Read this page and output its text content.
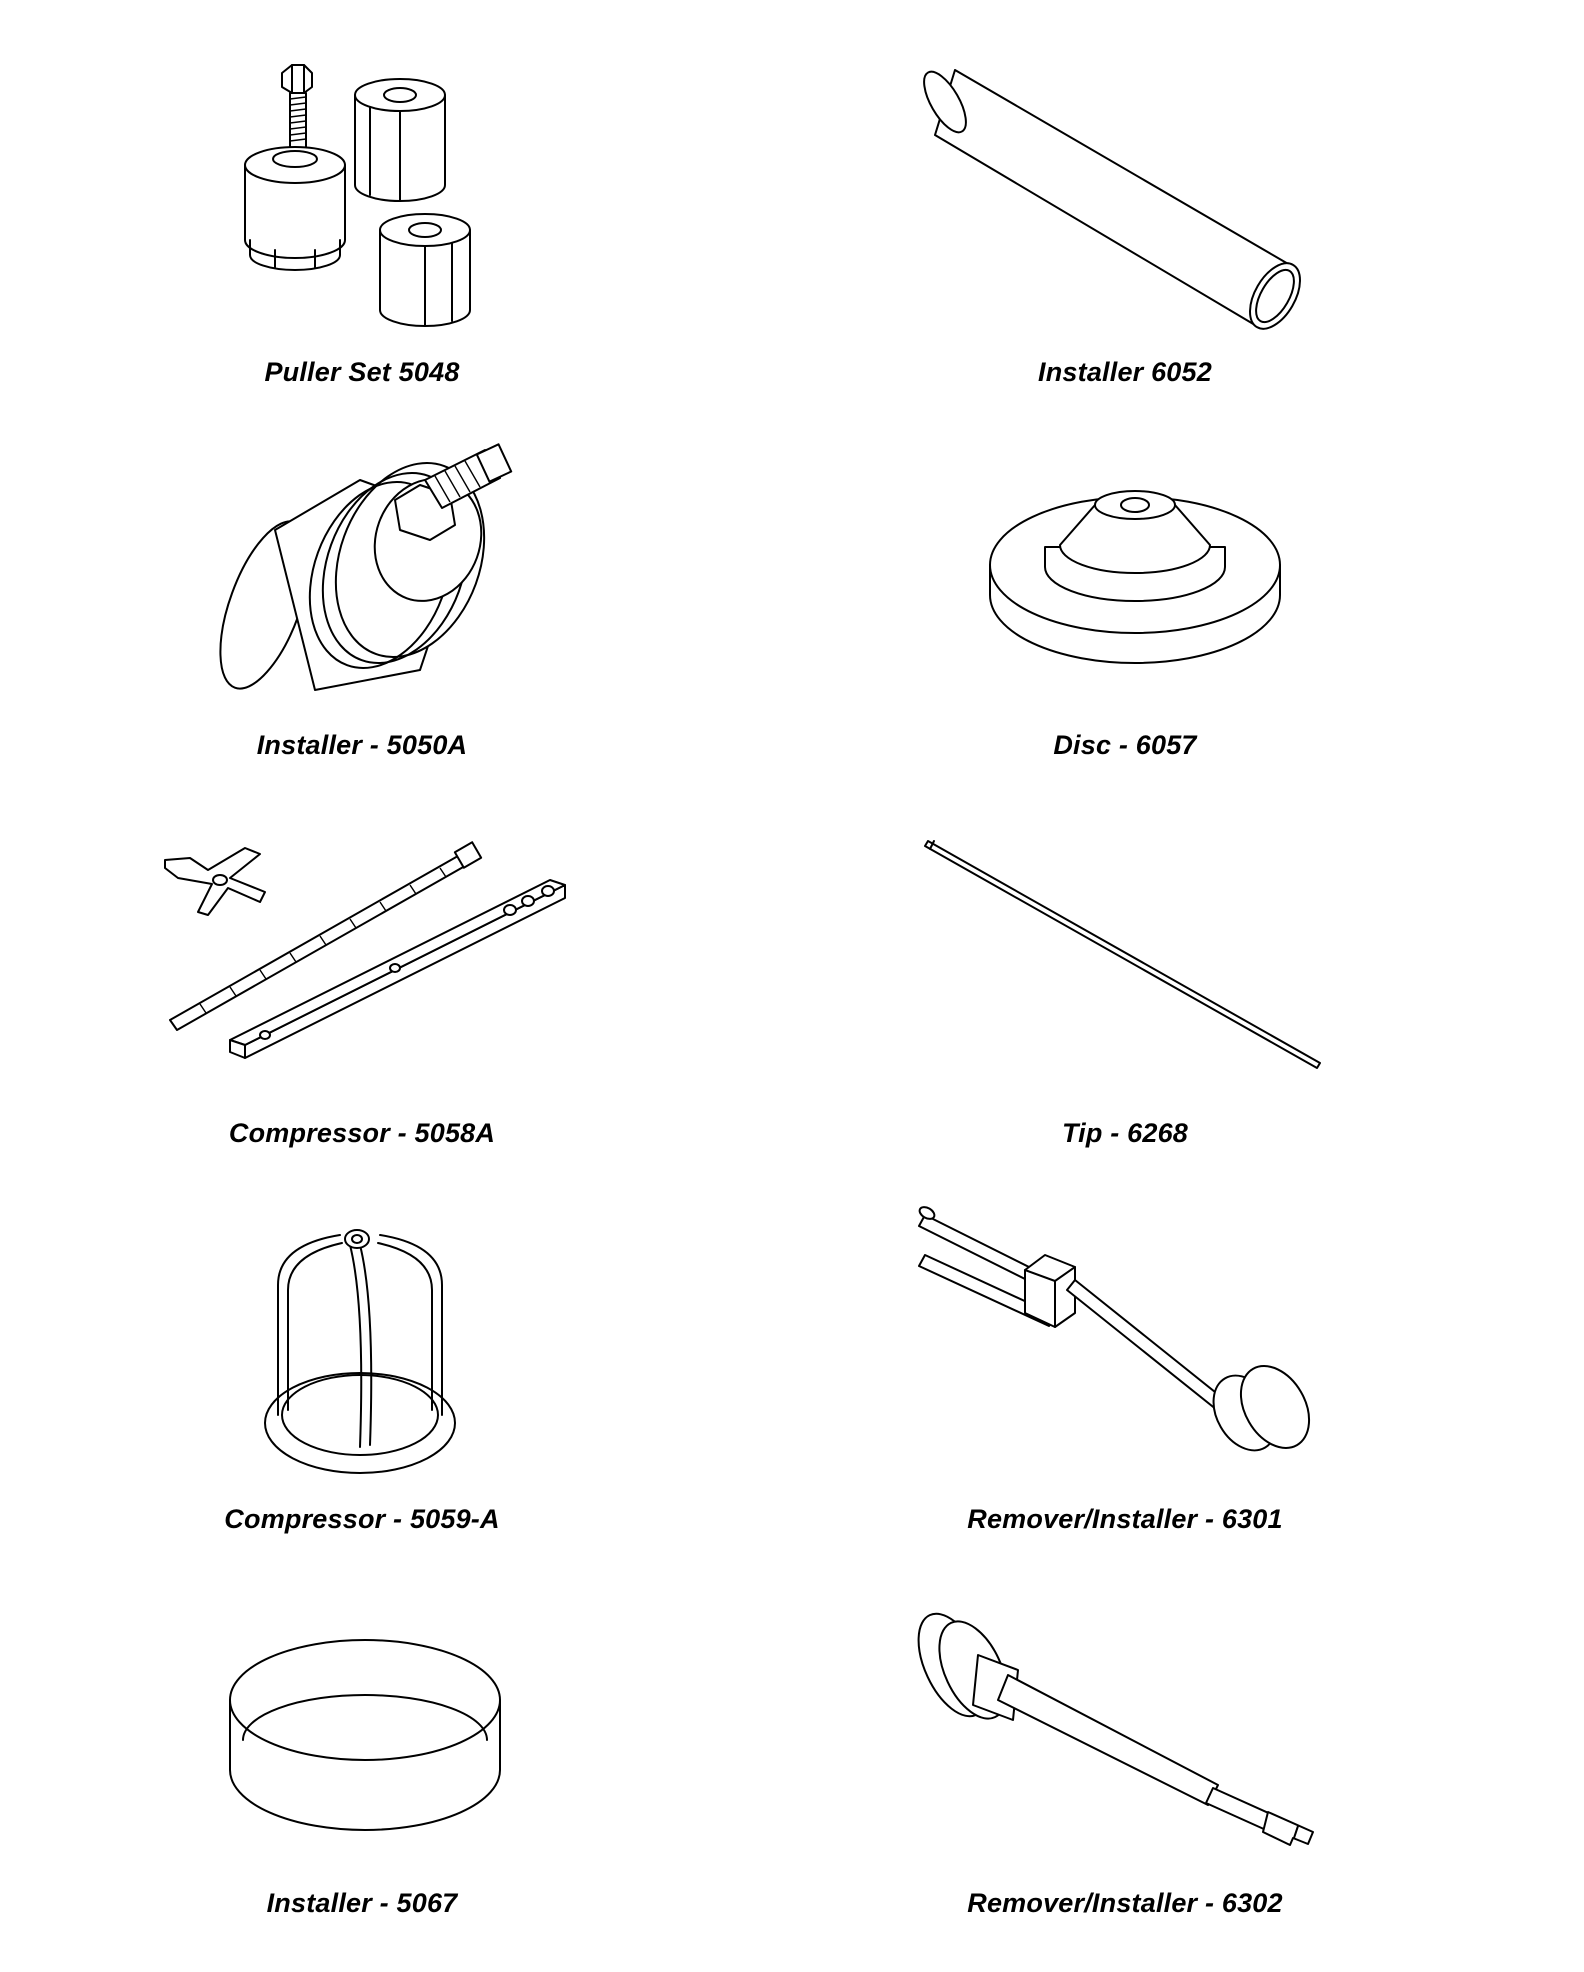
Puller Set 5048	Installer 6052
Installer - 5050A	Disc - 6057
Compressor - 5058A	Tip - 6268
Compressor - 5059-A	Remover/Installer - 6301
Installer - 5067	Remover/Installer - 6302
